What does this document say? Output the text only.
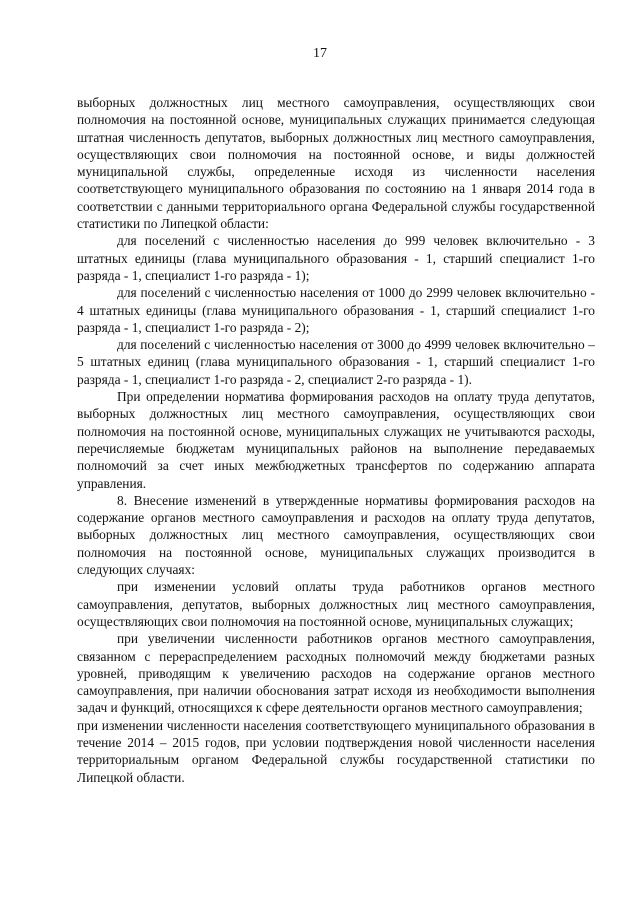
17

выборных должностных лиц местного самоуправления, осуществляющих свои полномочия на постоянной основе, муниципальных служащих принимается следующая штатная численность депутатов, выборных должностных лиц местного самоуправления, осуществляющих свои полномочия на постоянной основе, и виды должностей муниципальной службы, определенные исходя из численности населения соответствующего муниципального образования по состоянию на 1 января 2014 года в соответствии с данными территориального органа Федеральной службы государственной статистики по Липецкой области:

для поселений с численностью населения до 999 человек включительно - 3 штатных единицы (глава муниципального образования - 1, старший специалист 1-го разряда - 1, специалист 1-го разряда - 1);

для поселений с численностью населения от 1000 до 2999 человек включительно - 4 штатных единицы (глава муниципального образования - 1, старший специалист 1-го разряда - 1, специалист 1-го разряда - 2);

для поселений с численностью населения от 3000 до 4999 человек включительно – 5 штатных единиц (глава муниципального образования - 1, старший специалист 1-го разряда - 1, специалист 1-го разряда - 2, специалист 2-го разряда - 1).

При определении норматива формирования расходов на оплату труда депутатов, выборных должностных лиц местного самоуправления, осуществляющих свои полномочия на постоянной основе, муниципальных служащих не учитываются расходы, перечисляемые бюджетам муниципальных районов на выполнение передаваемых полномочий за счет иных межбюджетных трансфертов по содержанию аппарата управления.

8. Внесение изменений в утвержденные нормативы формирования расходов на содержание органов местного самоуправления и расходов на оплату труда депутатов, выборных должностных лиц местного самоуправления, осуществляющих свои полномочия на постоянной основе, муниципальных служащих производится в следующих случаях:

при изменении условий оплаты труда работников органов местного самоуправления, депутатов, выборных должностных лиц местного самоуправления, осуществляющих свои полномочия на постоянной основе, муниципальных служащих;

при увеличении численности работников органов местного самоуправления, связанном с перераспределением расходных полномочий между бюджетами разных уровней, приводящим к увеличению расходов на содержание органов местного самоуправления, при наличии обоснования затрат исходя из необходимости выполнения задач и функций, относящихся к сфере деятельности органов местного самоуправления;

при изменении численности населения соответствующего муниципального образования в течение 2014 – 2015 годов, при условии подтверждения новой численности населения территориальным органом Федеральной службы государственной статистики по Липецкой области.
